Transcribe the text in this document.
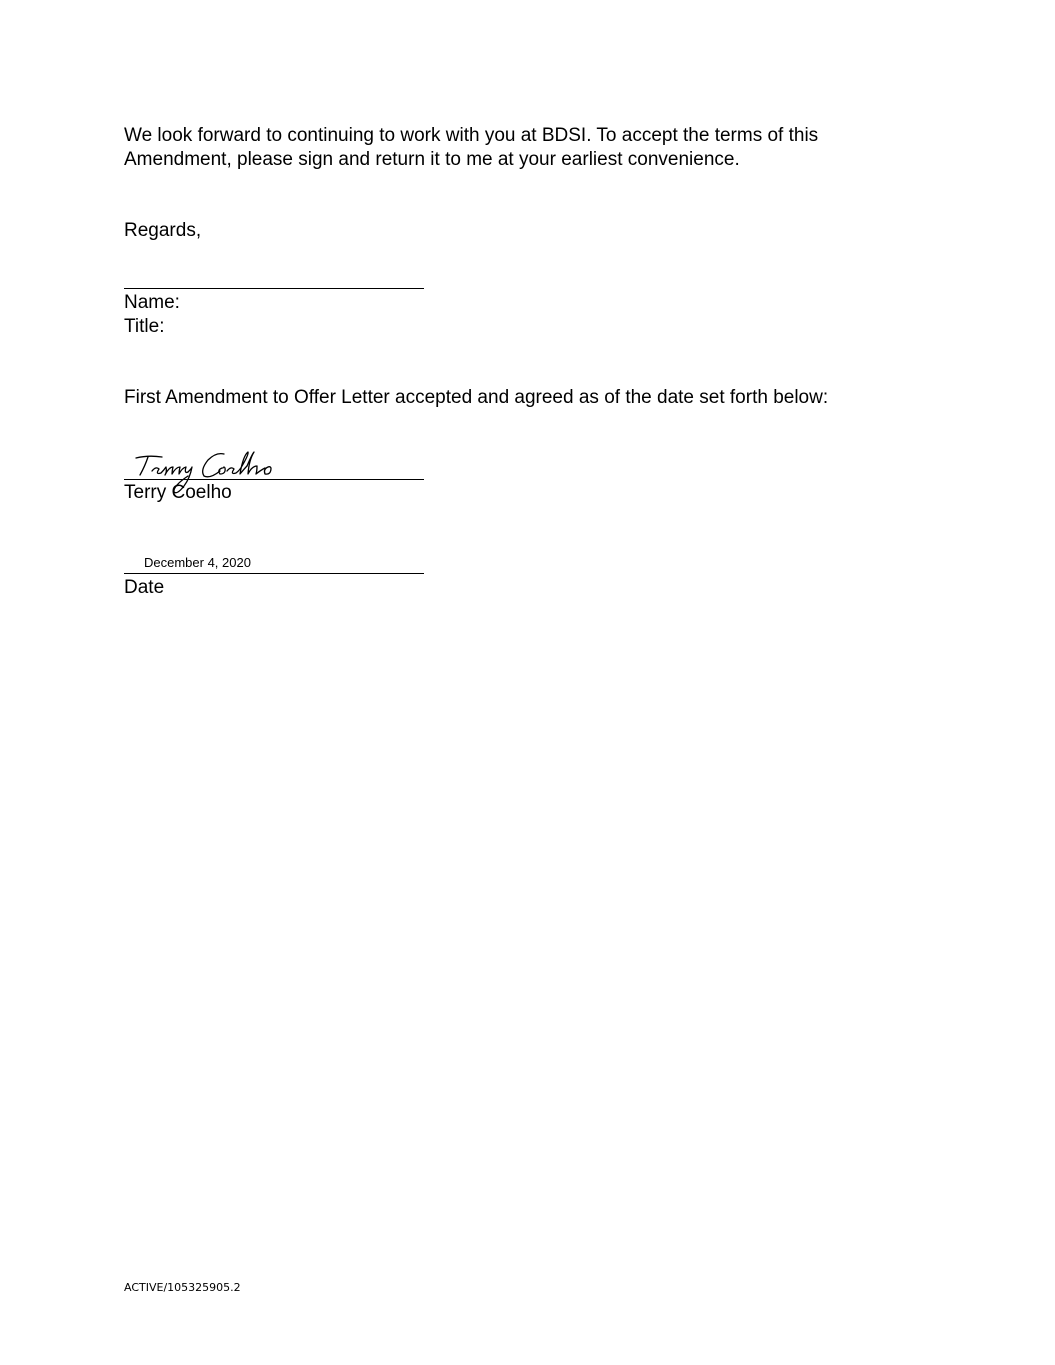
We look forward to continuing to work with you at BDSI. To accept the terms of this
Amendment, please sign and return it to me at your earliest convenience.
Regards,
Name:
Title:
First Amendment to Offer Letter accepted and agreed as of the date set forth below:
Terry Coelho
December 4, 2020
Date
ACTIVE/105325905.2
